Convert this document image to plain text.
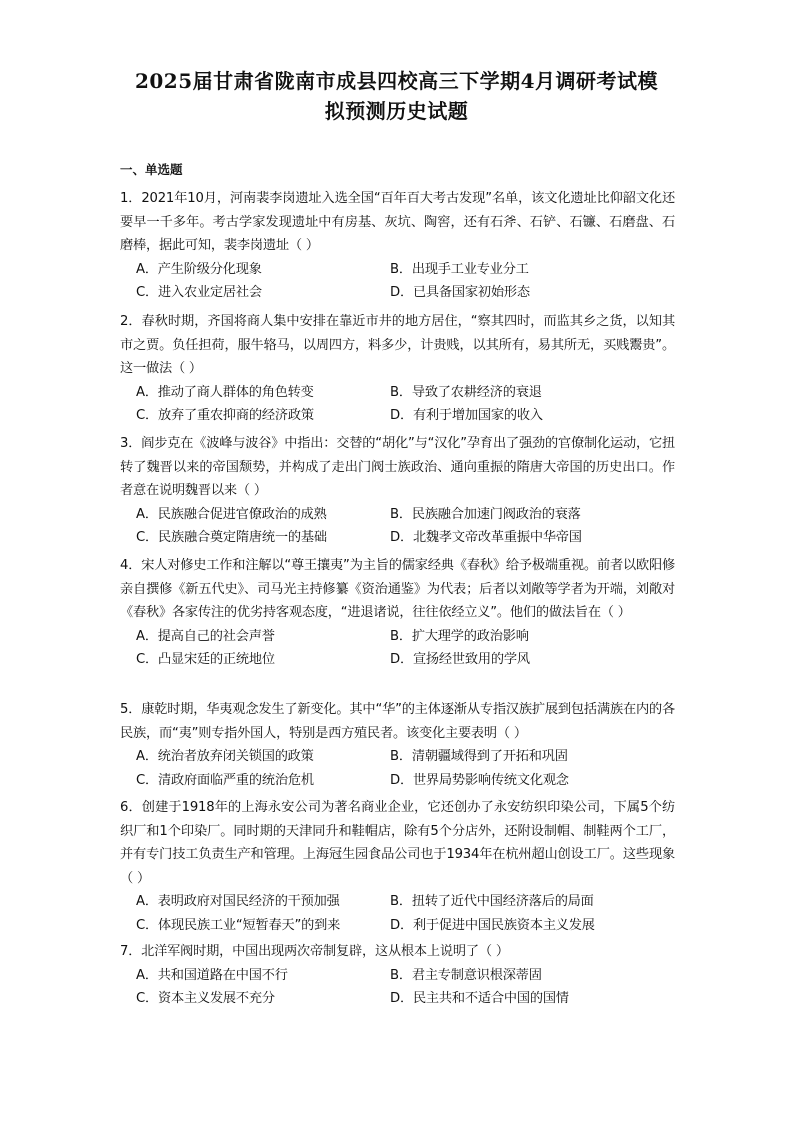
2025届甘肃省陇南市成县四校高三下学期4月调研考试模
拟预测历史试题
一、单选题
1．2021年10月，河南裴李岗遗址入选全国“百年百大考古发现”名单，该文化遗址比仰韶文化还要早一千多年。考古学家发现遗址中有房基、灰坑、陶窖，还有石斧、石铲、石镰、石磨盘、石磨棒，据此可知，裴李岗遗址（ ）
A．产生阶级分化现象	B．出现手工业专业分工
C．进入农业定居社会	D．已具备国家初始形态
2．春秋时期，齐国将商人集中安排在靠近市井的地方居住，“察其四时，而监其乡之货，以知其市之贾。负任担荷，服牛辂马，以周四方，料多少，计贵贱，以其所有，易其所无，买贱鬻贵”。这一做法（ ）
A．推动了商人群体的角色转变	B．导致了农耕经济的衰退
C．放弃了重农抑商的经济政策	D．有利于增加国家的收入
3．阎步克在《波峰与波谷》中指出：交替的“胡化”与“汉化”孕育出了强劲的官僚制化运动，它扭转了魏晋以来的帝国颓势，并构成了走出门阀士族政治、通向重振的隋唐大帝国的历史出口。作者意在说明魏晋以来（ ）
A．民族融合促进官僚政治的成熟	B．民族融合加速门阀政治的衰落
C．民族融合奠定隋唐统一的基础	D．北魏孝文帝改革重振中华帝国
4．宋人对修史工作和注解以“尊王攘夷”为主旨的儒家经典《春秋》给予极端重视。前者以欧阳修亲自撰修《新五代史》、司马光主持修纂《资治通鉴》为代表；后者以刘敞等学者为开端，刘敞对《春秋》各家传注的优劣持客观态度，“进退诸说，往往依经立义”。他们的做法旨在（ ）
A．提高自己的社会声誉	B．扩大理学的政治影响
C．凸显宋廷的正统地位	D．宣扬经世致用的学风
5．康乾时期，华夷观念发生了新变化。其中“华”的主体逐渐从专指汉族扩展到包括满族在内的各民族，而“夷”则专指外国人，特别是西方殖民者。该变化主要表明（ ）
A．统治者放弃闭关锁国的政策	B．清朝疆域得到了开拓和巩固
C．清政府面临严重的统治危机	D．世界局势影响传统文化观念
6．创建于1918年的上海永安公司为著名商业企业，它还创办了永安纺织印染公司，下属5个纺织厂和1个印染厂。同时期的天津同升和鞋帽店，除有5个分店外，还附设制帽、制鞋两个工厂，并有专门技工负责生产和管理。上海冠生园食品公司也于1934年在杭州超山创设工厂。这些现象（ ）
A．表明政府对国民经济的干预加强	B．扭转了近代中国经济落后的局面
C．体现民族工业“短暂春天”的到来	D．利于促进中国民族资本主义发展
7．北洋军阀时期，中国出现两次帝制复辟，这从根本上说明了（ ）
A．共和国道路在中国不行	B．君主专制意识根深蒂固
C．资本主义发展不充分	D．民主共和不适合中国的国情
